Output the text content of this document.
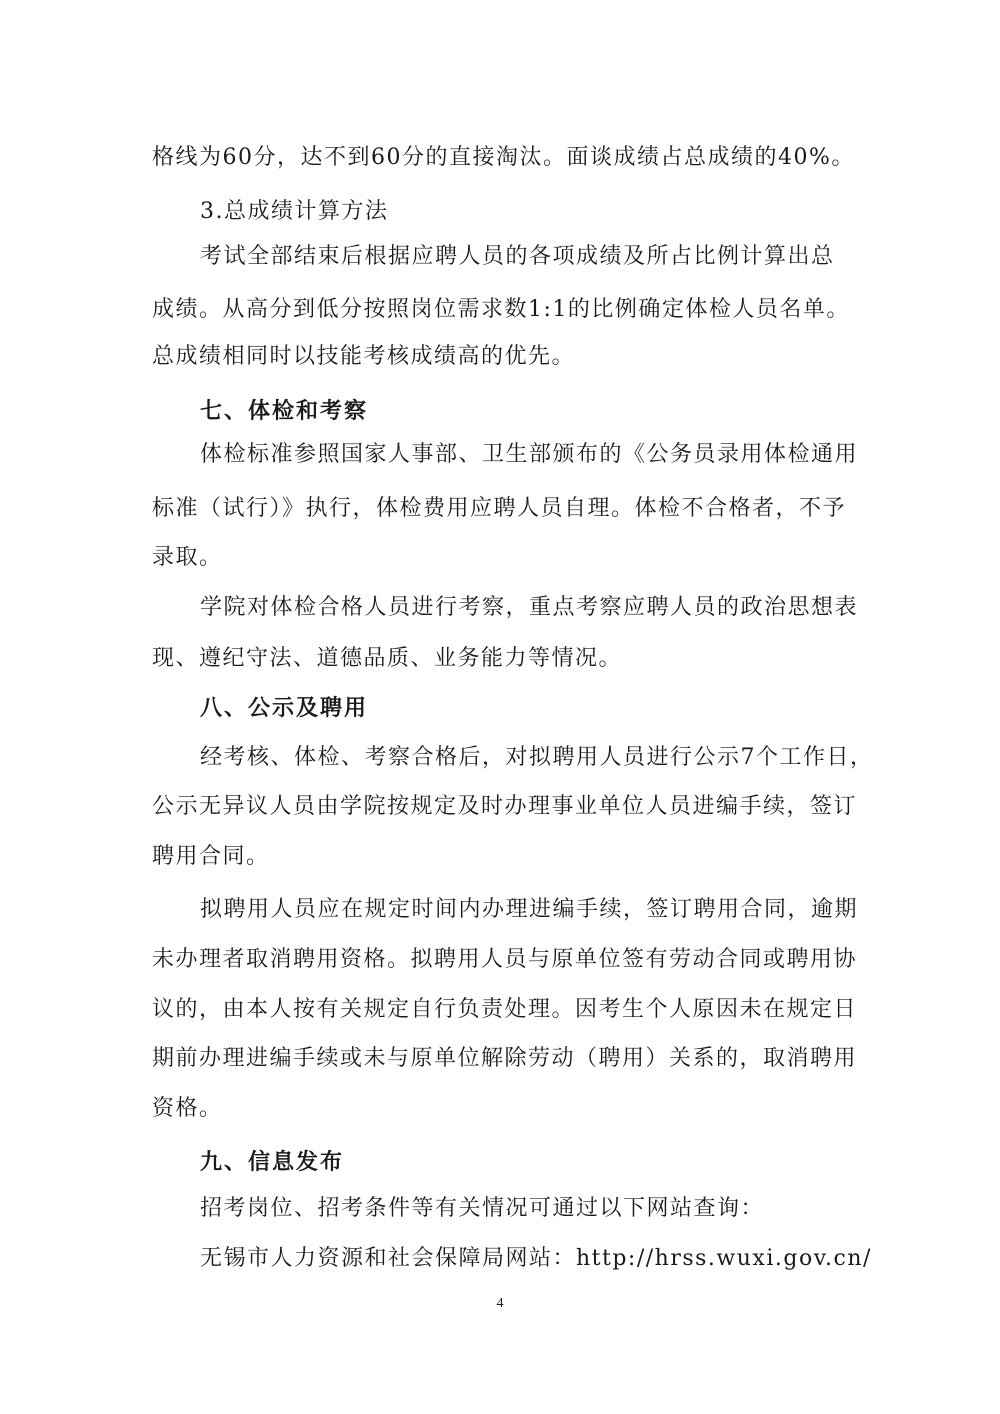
格线为60分，达不到60分的直接淘汰。面谈成绩占总成绩的40%。
3.总成绩计算方法
考试全部结束后根据应聘人员的各项成绩及所占比例计算出总
成绩。从高分到低分按照岗位需求数1:1的比例确定体检人员名单。
总成绩相同时以技能考核成绩高的优先。
七、体检和考察
体检标准参照国家人事部、卫生部颁布的《公务员录用体检通用
标准（试行）》执行，体检费用应聘人员自理。体检不合格者，不予
录取。
学院对体检合格人员进行考察，重点考察应聘人员的政治思想表
现、遵纪守法、道德品质、业务能力等情况。
八、公示及聘用
经考核、体检、考察合格后，对拟聘用人员进行公示7个工作日，
公示无异议人员由学院按规定及时办理事业单位人员进编手续，签订
聘用合同。
拟聘用人员应在规定时间内办理进编手续，签订聘用合同，逾期
未办理者取消聘用资格。拟聘用人员与原单位签有劳动合同或聘用协
议的，由本人按有关规定自行负责处理。因考生个人原因未在规定日
期前办理进编手续或未与原单位解除劳动（聘用）关系的，取消聘用
资格。
九、信息发布
招考岗位、招考条件等有关情况可通过以下网站查询：
无锡市人力资源和社会保障局网站：http://hrss.wuxi.gov.cn/
4
